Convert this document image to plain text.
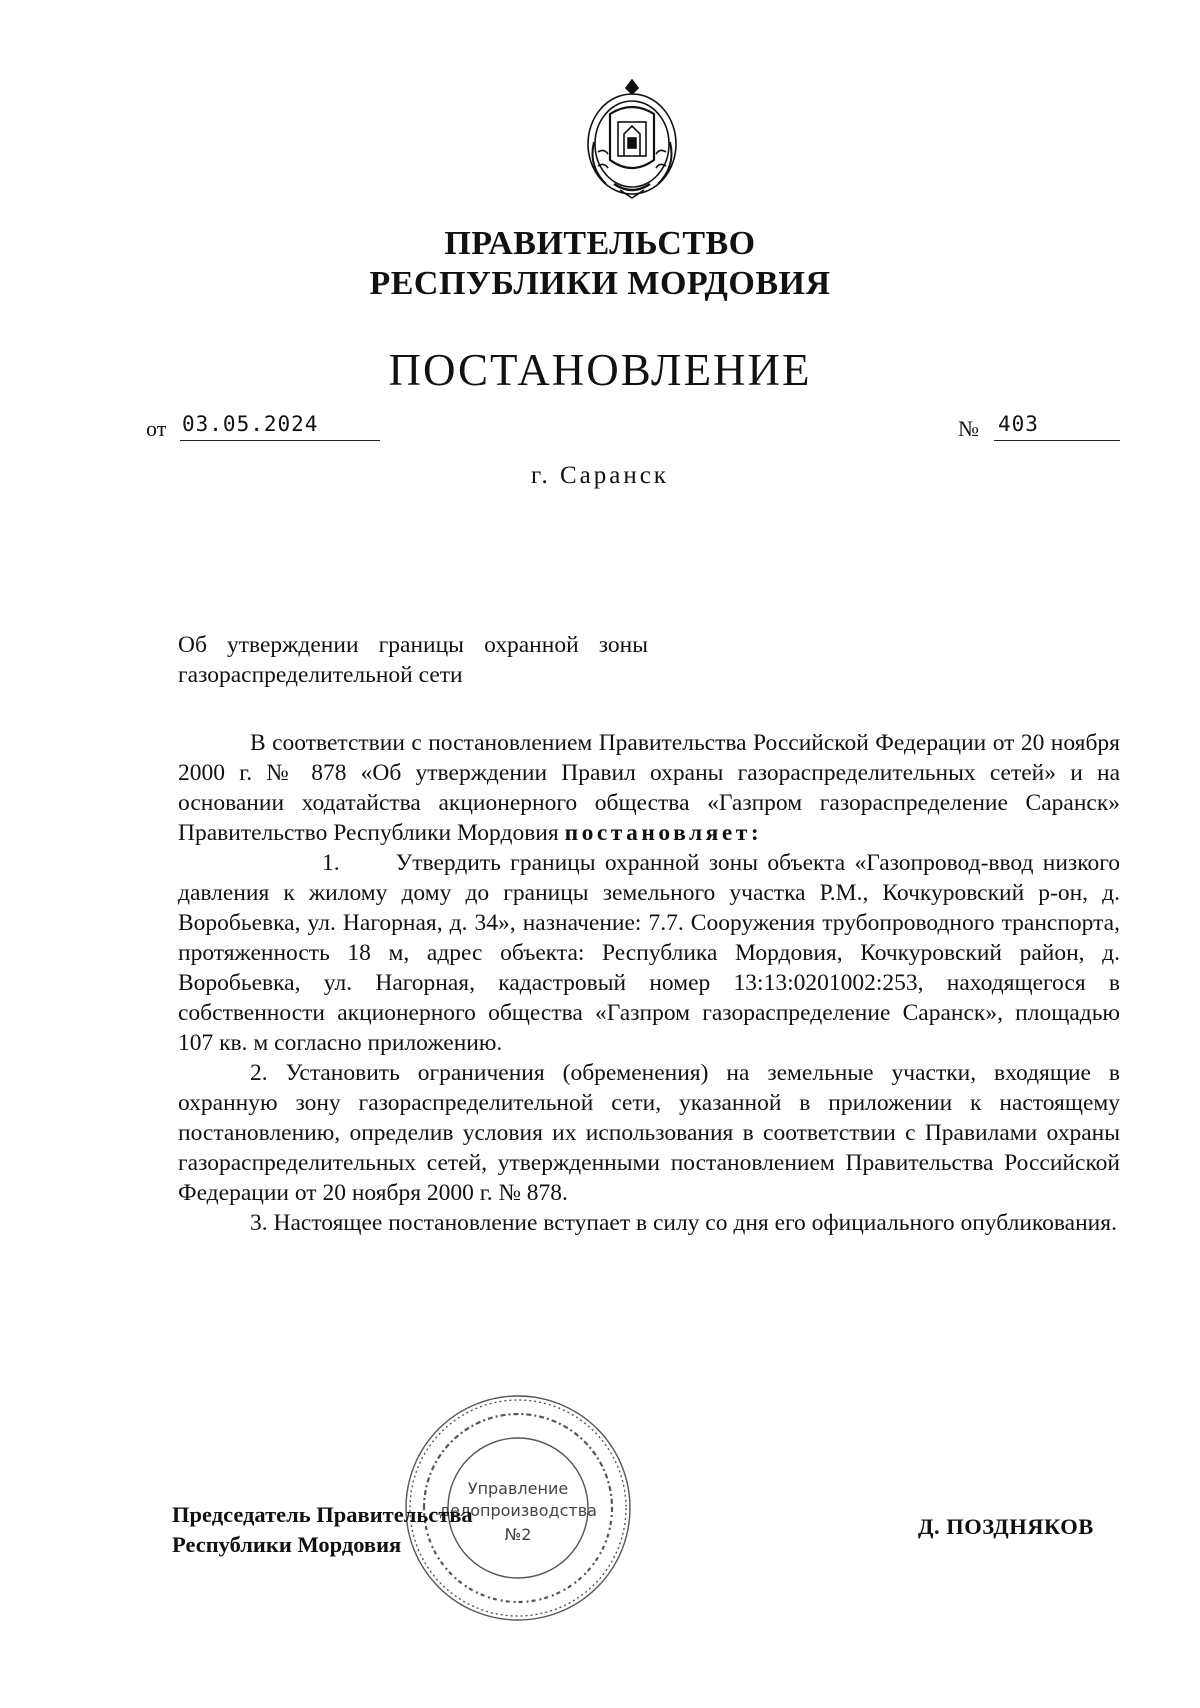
ПРАВИТЕЛЬСТВО
РЕСПУБЛИКИ МОРДОВИЯ
ПОСТАНОВЛЕНИЕ
от 03.05.2024	№ 403
г. Саранск
Об утверждении границы охранной зоны газораспределительной сети

В соответствии с постановлением Правительства Российской Федерации от 20 ноября 2000 г. № 878 «Об утверждении Правил охраны газораспределительных сетей» и на основании ходатайства акционерного общества «Газпром газораспределение Саранск» Правительство Республики Мордовия постановляет:

1. Утвердить границы охранной зоны объекта «Газопровод-ввод низкого давления к жилому дому до границы земельного участка Р.М., Кочкуровский р-он, д. Воробьевка, ул. Нагорная, д. 34», назначение: 7.7. Сооружения трубопроводного транспорта, протяженность 18 м, адрес объекта: Республика Мордовия, Кочкуровский район, д. Воробьевка, ул. Нагорная, кадастровый номер 13:13:0201002:253, находящегося в собственности акционерного общества «Газпром газораспределение Саранск», площадью 107 кв. м согласно приложению.

2. Установить ограничения (обременения) на земельные участки, входящие в охранную зону газораспределительной сети, указанной в приложении к настоящему постановлению, определив условия их использования в соответствии с Правилами охраны газораспределительных сетей, утвержденными постановлением Правительства Российской Федерации от 20 ноября 2000 г. № 878.

3. Настоящее постановление вступает в силу со дня его официального опубликования.

Управление
делопроизводства
№2
Председатель Правительства
Республики Мордовия
Д. ПОЗДНЯКОВ
